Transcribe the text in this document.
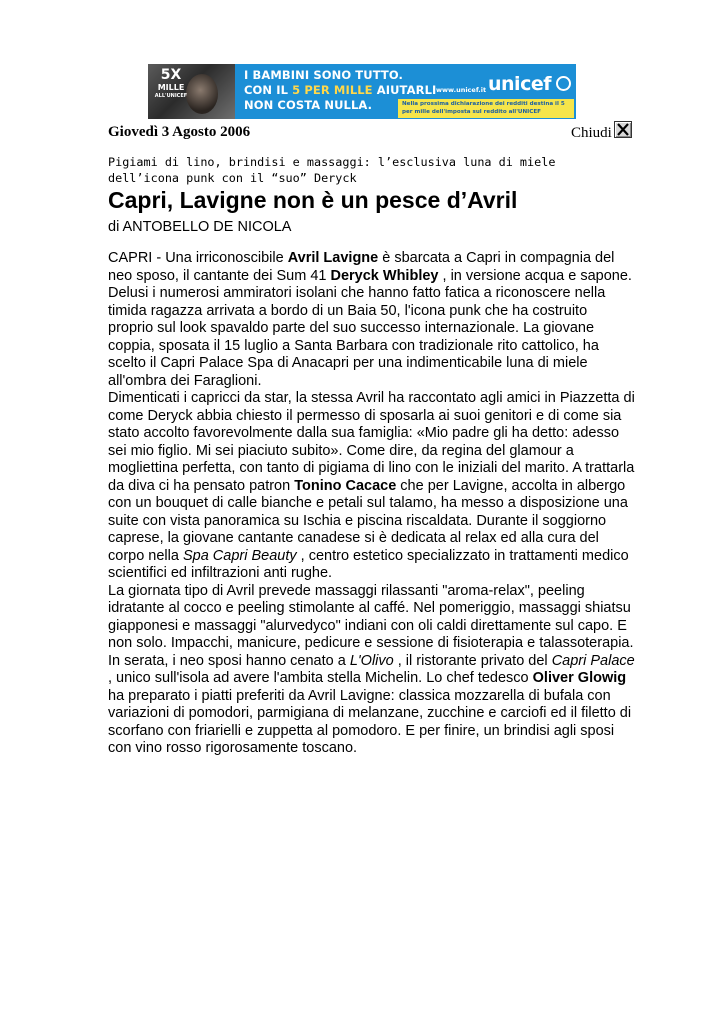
5X
MILLE
ALL'UNICEF
I BAMBINI SONO TUTTO.
CON IL 5 PER MILLE AIUTARLI
NON COSTA NULLA.
www.unicef.it unicef
Nella prossima dichiarazione dei redditi destina il 5 per mille dell'imposta sul reddito all'UNICEF
Giovedì 3 Agosto 2006	Chiudi
Pigiami di lino, brindisi e massaggi: l’esclusiva luna di miele dell’icona punk con il “suo” Deryck
Capri, Lavigne non è un pesce d’Avril
di ANTOBELLO DE NICOLA

CAPRI - Una irriconoscibile Avril Lavigne è sbarcata a Capri in compagnia del neo sposo, il cantante dei Sum 41 Deryck Whibley , in versione acqua e sapone. Delusi i numerosi ammiratori isolani che hanno fatto fatica a riconoscere nella timida ragazza arrivata a bordo di un Baia 50, l'icona punk che ha costruito proprio sul look spavaldo parte del suo successo internazionale. La giovane coppia, sposata il 15 luglio a Santa Barbara con tradizionale rito cattolico, ha scelto il Capri Palace Spa di Anacapri per una indimenticabile luna di miele all'ombra dei Faraglioni.

Dimenticati i capricci da star, la stessa Avril ha raccontato agli amici in Piazzetta di come Deryck abbia chiesto il permesso di sposarla ai suoi genitori e di come sia stato accolto favorevolmente dalla sua famiglia: «Mio padre gli ha detto: adesso sei mio figlio. Mi sei piaciuto subito». Come dire, da regina del glamour a mogliettina perfetta, con tanto di pigiama di lino con le iniziali del marito. A trattarla da diva ci ha pensato patron Tonino Cacace che per Lavigne, accolta in albergo con un bouquet di calle bianche e petali sul talamo, ha messo a disposizione una suite con vista panoramica su Ischia e piscina riscaldata. Durante il soggiorno caprese, la giovane cantante canadese si è dedicata al relax ed alla cura del corpo nella Spa Capri Beauty , centro estetico specializzato in trattamenti medico scientifici ed infiltrazioni anti rughe.

La giornata tipo di Avril prevede massaggi rilassanti "aroma-relax", peeling idratante al cocco e peeling stimolante al caffé. Nel pomeriggio, massaggi shiatsu giapponesi e massaggi "alurvedyco" indiani con oli caldi direttamente sul capo. E non solo. Impacchi, manicure, pedicure e sessione di fisioterapia e talassoterapia. In serata, i neo sposi hanno cenato a L'Olivo , il ristorante privato del Capri Palace , unico sull'isola ad avere l'ambita stella Michelin. Lo chef tedesco Oliver Glowig ha preparato i piatti preferiti da Avril Lavigne: classica mozzarella di bufala con variazioni di pomodori, parmigiana di melanzane, zucchine e carciofi ed il filetto di scorfano con friarielli e zuppetta al pomodoro. E per finire, un brindisi agli sposi con vino rosso rigorosamente toscano.
